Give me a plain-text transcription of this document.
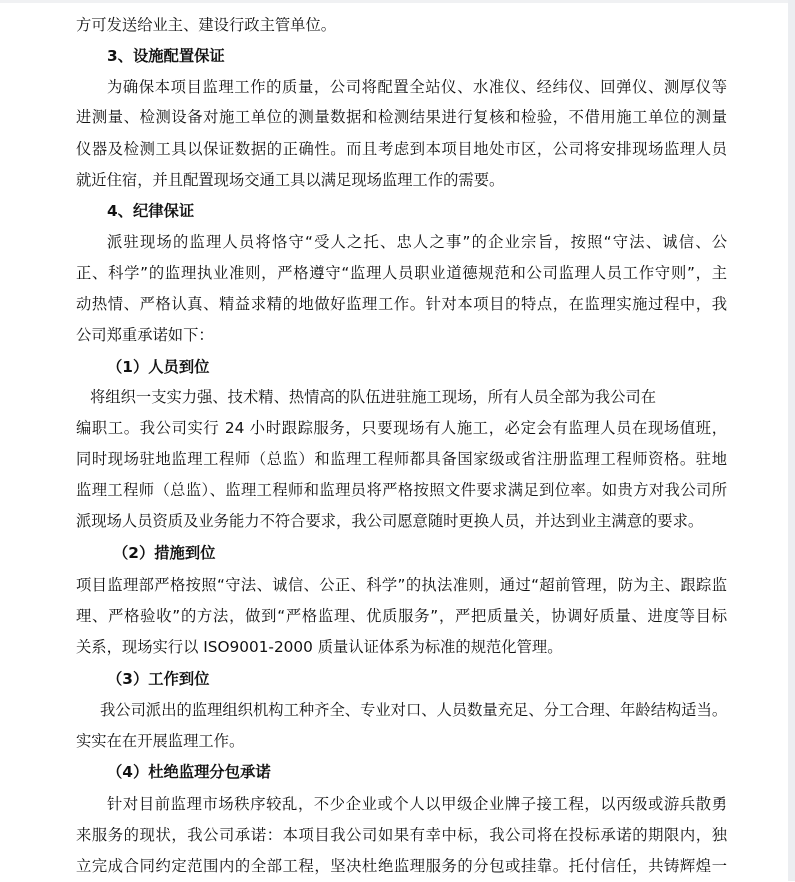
方可发送给业主、建设行政主管单位。
3、设施配置保证
为确保本项目监理工作的质量，公司将配置全站仪、水准仪、经纬仪、回弹仪、测厚仪等
进测量、检测设备对施工单位的测量数据和检测结果进行复核和检验，不借用施工单位的测量
仪器及检测工具以保证数据的正确性。而且考虑到本项目地处市区，公司将安排现场监理人员
就近住宿，并且配置现场交通工具以满足现场监理工作的需要。
4、纪律保证
派驻现场的监理人员将恪守“受人之托、忠人之事”的企业宗旨，按照“守法、诚信、公
正、科学”的监理执业准则，严格遵守“监理人员职业道德规范和公司监理人员工作守则”，主
动热情、严格认真、精益求精的地做好监理工作。针对本项目的特点，在监理实施过程中，我
公司郑重承诺如下：
（1）人员到位
将组织一支实力强、技术精、热情高的队伍进驻施工现场，所有人员全部为我公司在
编职工。我公司实行 24 小时跟踪服务，只要现场有人施工，必定会有监理人员在现场值班，
同时现场驻地监理工程师（总监）和监理工程师都具备国家级或省注册监理工程师资格。驻地
监理工程师（总监）、监理工程师和监理员将严格按照文件要求满足到位率。如贵方对我公司所
派现场人员资质及业务能力不符合要求，我公司愿意随时更换人员，并达到业主满意的要求。
（2）措施到位
项目监理部严格按照“守法、诚信、公正、科学”的执法准则，通过“超前管理，防为主、跟踪监
理、严格验收”的方法，做到“严格监理、优质服务”，严把质量关，协调好质量、进度等目标
关系，现场实行以 ISO9001-2000 质量认证体系为标准的规范化管理。
（3）工作到位
我公司派出的监理组织机构工种齐全、专业对口、人员数量充足、分工合理、年龄结构适当。
实实在在开展监理工作。
（4）杜绝监理分包承诺
针对目前监理市场秩序较乱，不少企业或个人以甲级企业牌子接工程，以丙级或游兵散勇
来服务的现状，我公司承诺：本项目我公司如果有幸中标，我公司将在投标承诺的期限内，独
立完成合同约定范围内的全部工程，坚决杜绝监理服务的分包或挂靠。托付信任，共铸辉煌一
